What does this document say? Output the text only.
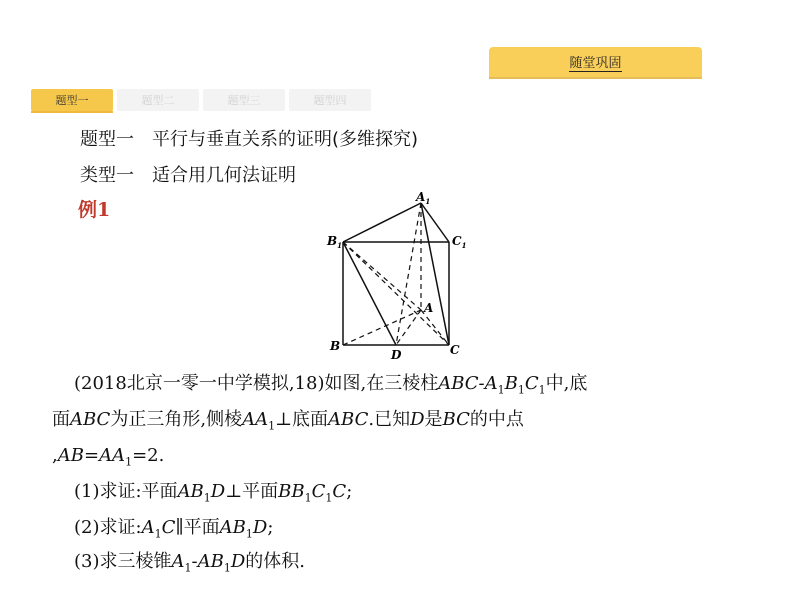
随堂巩固
题型一	题型二	题型三	题型四
题型一　平行与垂直关系的证明(多维探究)
类型一　适合用几何法证明
例1
$A_1$
$B_1$	$C_1$
A
B	C
D
(2018北京一零一中学模拟,18)如图,在三棱柱ABC-$A_1B_1C_1$中,底
面ABC为正三角形,侧棱$AA_1\perp$底面ABC.已知D是BC的中点
$,AB=AA_1=2$.
(1)求证:平面$AB_1D\perp$平面$BB_1C_1C$;
(2)求证$:A_1C\parallel$平面$AB_1D$;
(3)求三棱锥$A_1-AB_1D$的体积.
